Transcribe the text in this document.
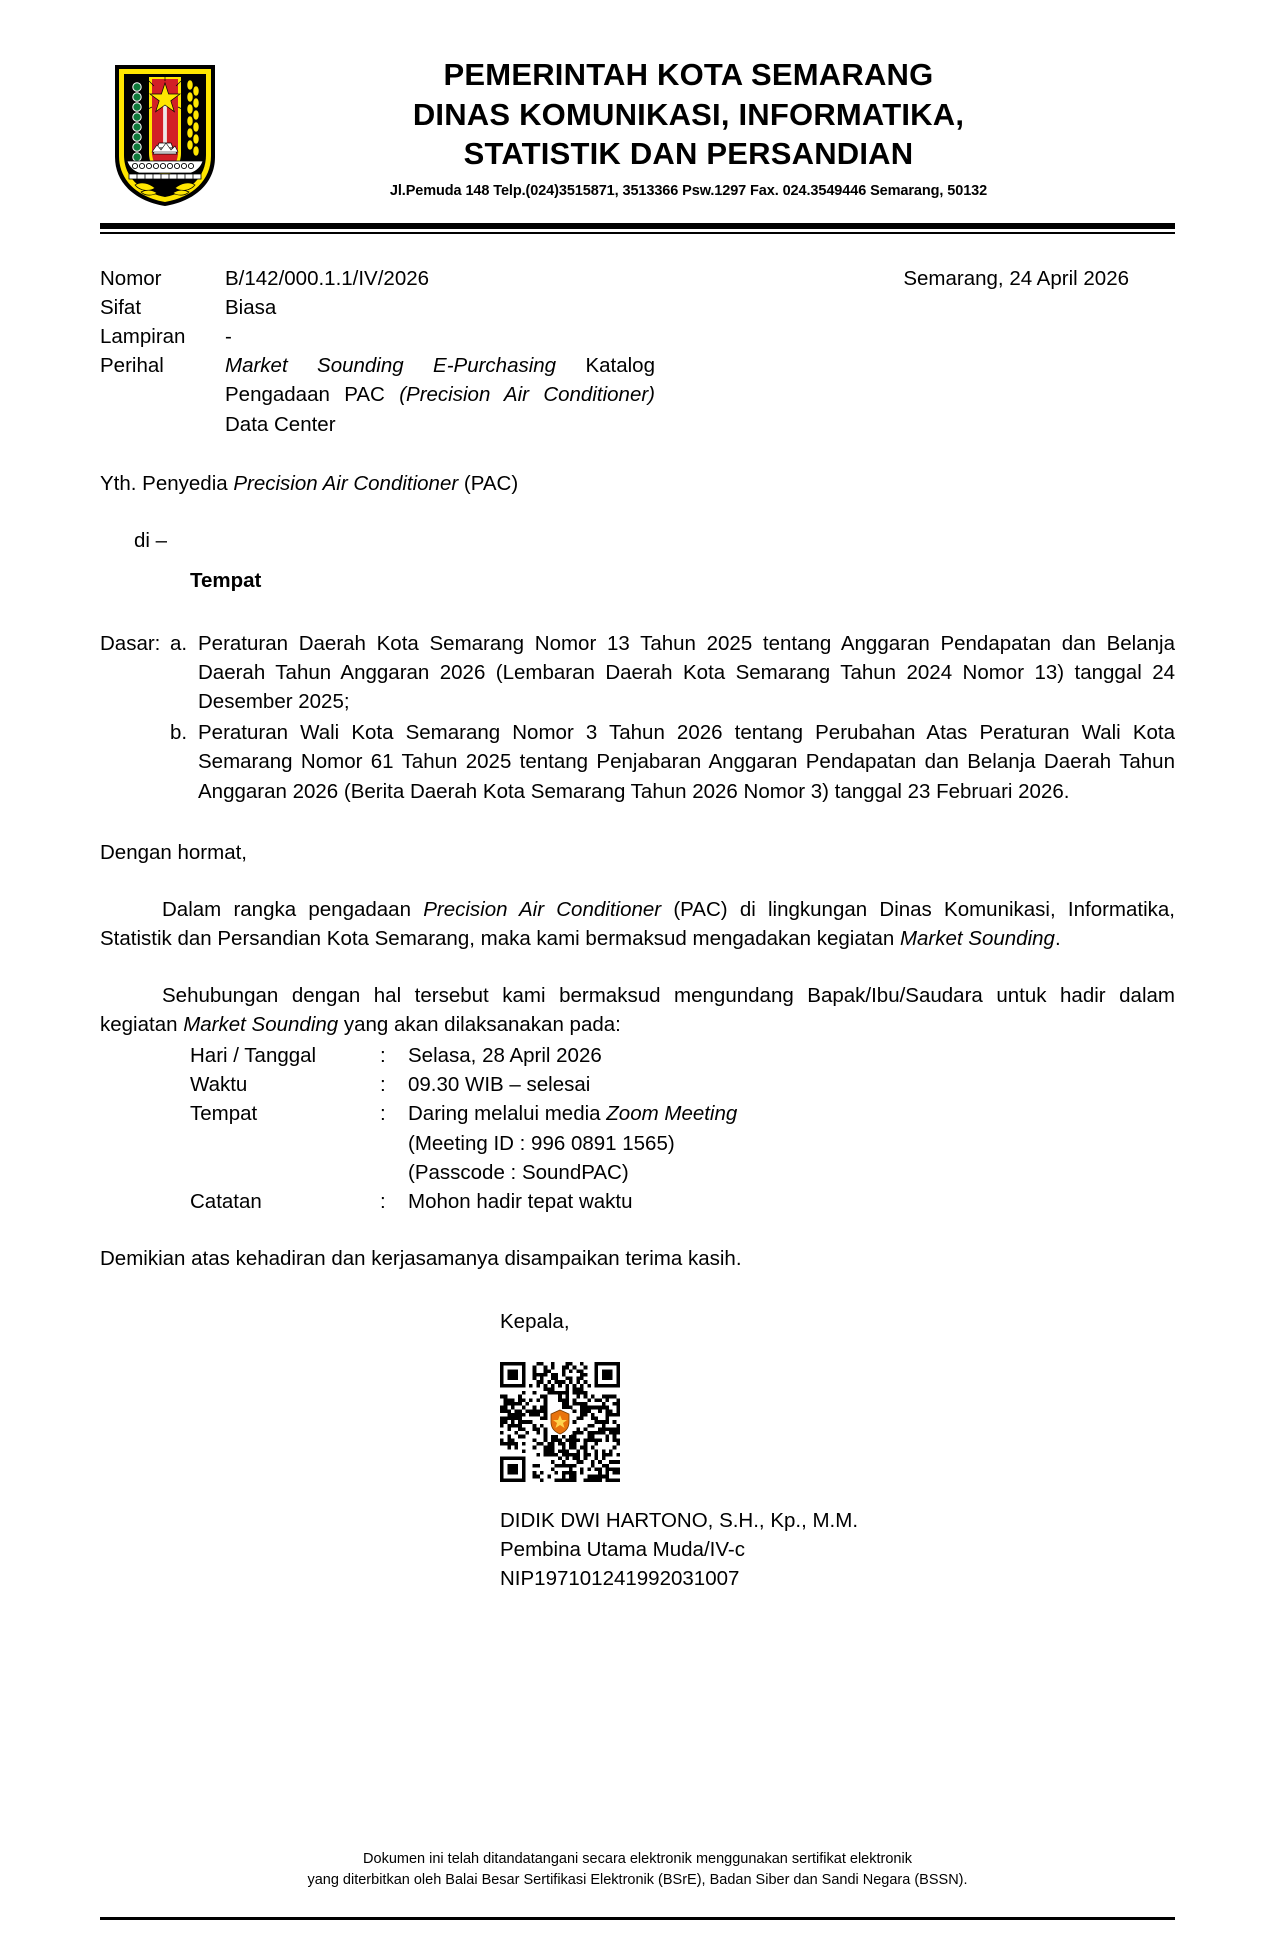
PEMERINTAH KOTA SEMARANG
DINAS KOMUNIKASI, INFORMATIKA,
STATISTIK DAN PERSANDIAN
Jl.Pemuda 148 Telp.(024)3515871, 3513366 Psw.1297 Fax. 024.3549446 Semarang, 50132
Semarang, 24 April 2026
Nomor	B/142/000.1.1/IV/2026
Sifat	Biasa
Lampiran	-
Perihal	Market Sounding E-Purchasing Katalog Pengadaan PAC (Precision Air Conditioner) Data Center
Yth. Penyedia Precision Air Conditioner (PAC)
di –
Tempat
Dasar: a. Peraturan Daerah Kota Semarang Nomor 13 Tahun 2025 tentang Anggaran Pendapatan dan Belanja Daerah Tahun Anggaran 2026 (Lembaran Daerah Kota Semarang Tahun 2024 Nomor 13) tanggal 24 Desember 2025;
b. Peraturan Wali Kota Semarang Nomor 3 Tahun 2026 tentang Perubahan Atas Peraturan Wali Kota Semarang Nomor 61 Tahun 2025 tentang Penjabaran Anggaran Pendapatan dan Belanja Daerah Tahun Anggaran 2026 (Berita Daerah Kota Semarang Tahun 2026 Nomor 3) tanggal 23 Februari 2026.
Dengan hormat,
Dalam rangka pengadaan Precision Air Conditioner (PAC) di lingkungan Dinas Komunikasi, Informatika, Statistik dan Persandian Kota Semarang, maka kami bermaksud mengadakan kegiatan Market Sounding.
Sehubungan dengan hal tersebut kami bermaksud mengundang Bapak/Ibu/Saudara untuk hadir dalam kegiatan Market Sounding yang akan dilaksanakan pada:
Hari / Tanggal	:	Selasa, 28 April 2026
Waktu	:	09.30 WIB – selesai
Tempat	:	Daring melalui media Zoom Meeting
(Meeting ID : 996 0891 1565)
(Passcode : SoundPAC)
Catatan	:	Mohon hadir tepat waktu
Demikian atas kehadiran dan kerjasamanya disampaikan terima kasih.
Kepala,
DIDIK DWI HARTONO, S.H., Kp., M.M.
Pembina Utama Muda/IV-c
NIP197101241992031007
Dokumen ini telah ditandatangani secara elektronik menggunakan sertifikat elektronik
yang diterbitkan oleh Balai Besar Sertifikasi Elektronik (BSrE), Badan Siber dan Sandi Negara (BSSN).
